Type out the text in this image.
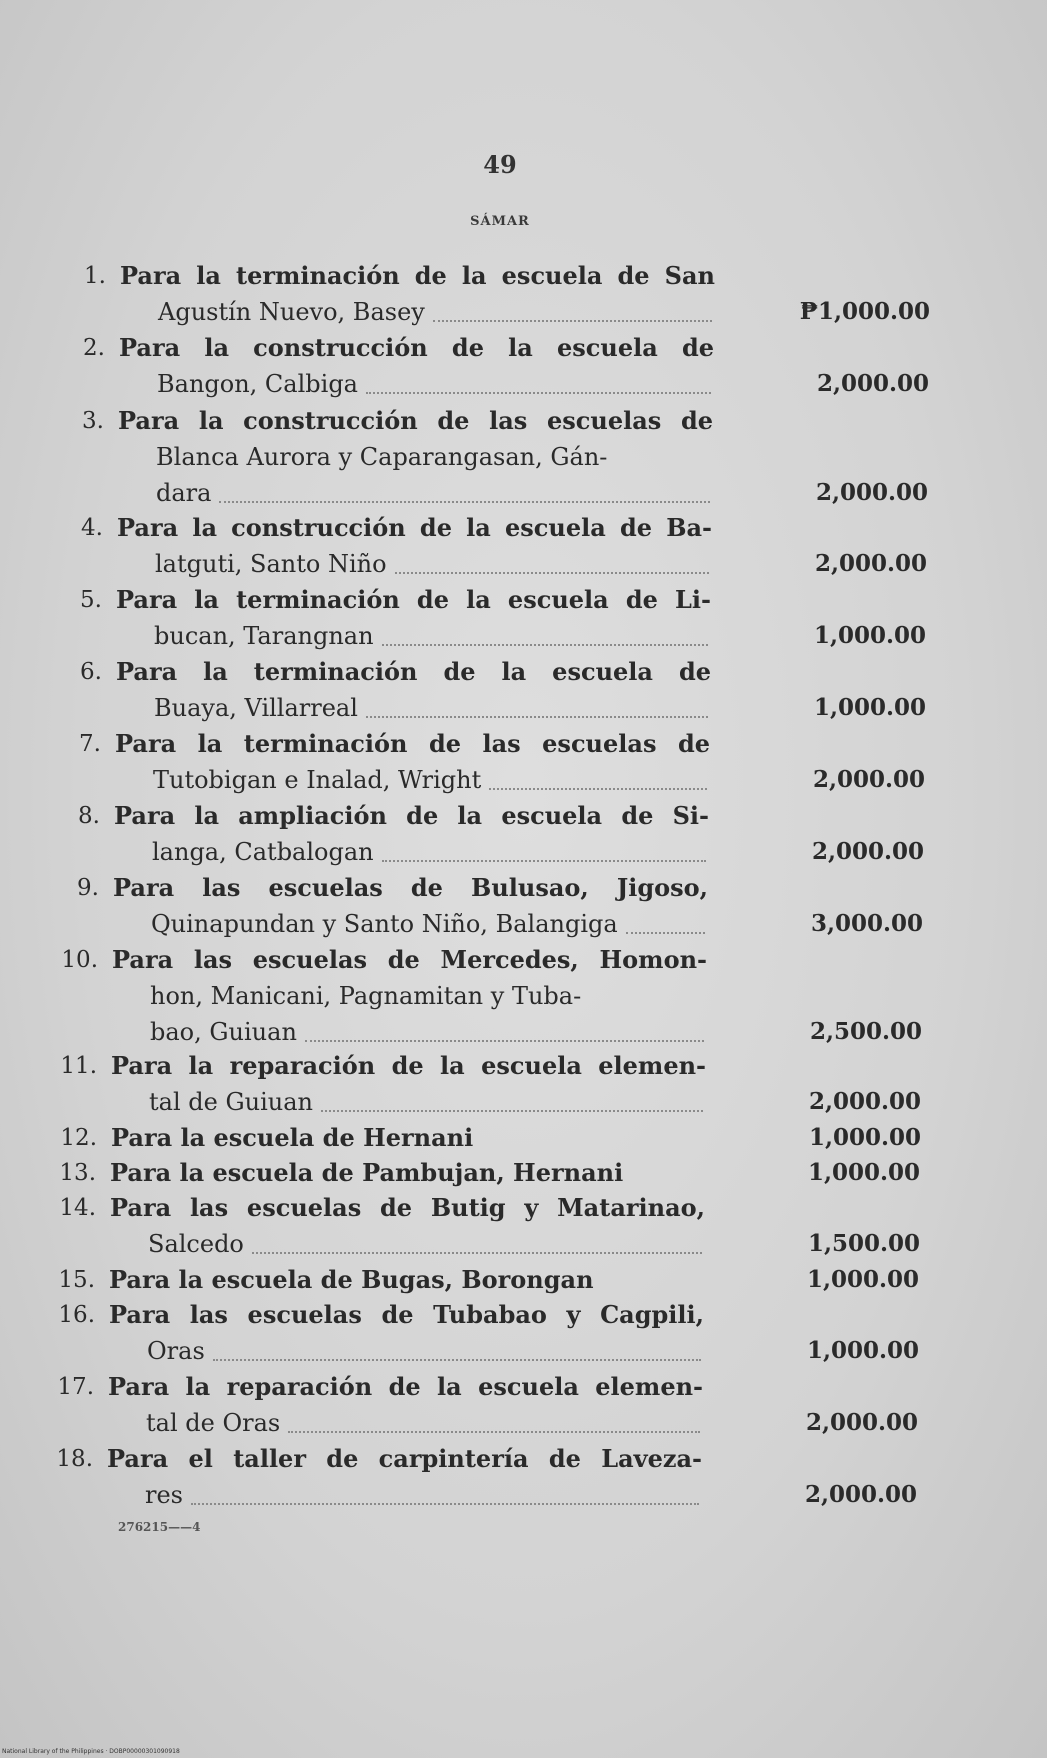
49
SÁMAR
1. Para la terminación de la escuela de San
Agustín Nuevo, Basey	₱1,000.00
2. Para la construcción de la escuela de
Bangon, Calbiga	2,000.00
3. Para la construcción de las escuelas de
Blanca Aurora y Caparangasan, Gán-
dara	2,000.00
4. Para la construcción de la escuela de Ba-
latguti, Santo Niño	2,000.00
5. Para la terminación de la escuela de Li-
bucan, Tarangnan	1,000.00
6. Para la terminación de la escuela de
Buaya, Villarreal	1,000.00
7. Para la terminación de las escuelas de
Tutobigan e Inalad, Wright	2,000.00
8. Para la ampliación de la escuela de Si-
langa, Catbalogan	2,000.00
9. Para las escuelas de Bulusao, Jigoso,
Quinapundan y Santo Niño, Balangiga	3,000.00
10. Para las escuelas de Mercedes, Homon-
hon, Manicani, Pagnamitan y Tuba-
bao, Guiuan	2,500.00
11. Para la reparación de la escuela elemen-
tal de Guiuan	2,000.00
12. Para la escuela de Hernani	1,000.00
13. Para la escuela de Pambujan, Hernani	1,000.00
14. Para las escuelas de Butig y Matarinao,
Salcedo	1,500.00
15. Para la escuela de Bugas, Borongan	1,000.00
16. Para las escuelas de Tubabao y Cagpili,
Oras	1,000.00
17. Para la reparación de la escuela elemen-
tal de Oras	2,000.00
18. Para el taller de carpintería de Laveza-
res	2,000.00
276215——4
National Library of the Philippines · DOBP00000301090918
